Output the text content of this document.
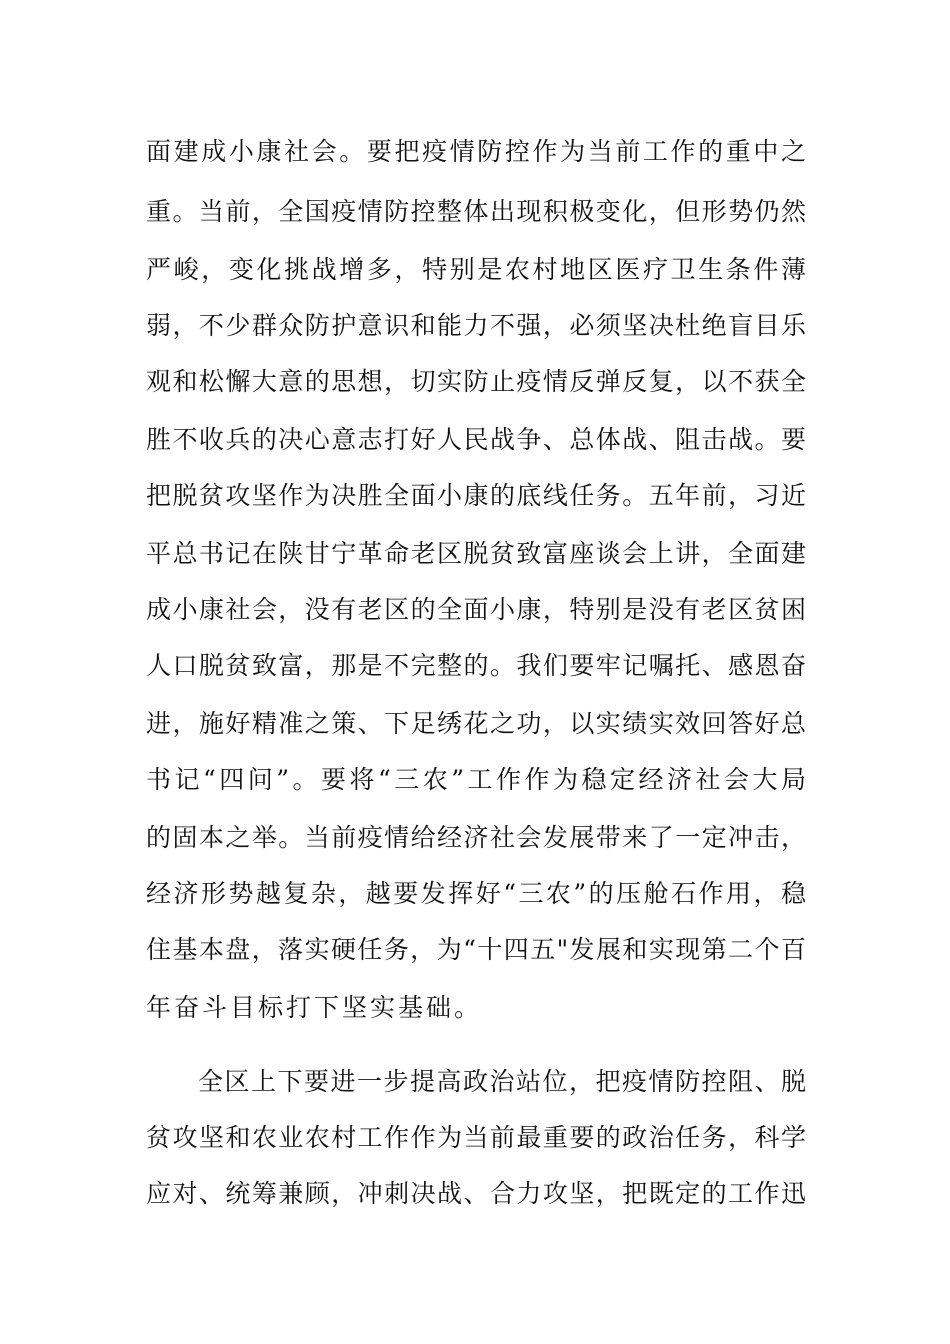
面建成小康社会。要把疫情防控作为当前工作的重中之
重。当前，全国疫情防控整体出现积极变化，但形势仍然
严峻，变化挑战增多，特别是农村地区医疗卫生条件薄
弱，不少群众防护意识和能力不强，必须坚决杜绝盲目乐
观和松懈大意的思想，切实防止疫情反弹反复，以不获全
胜不收兵的决心意志打好人民战争、总体战、阻击战。要
把脱贫攻坚作为决胜全面小康的底线任务。五年前，习近
平总书记在陕甘宁革命老区脱贫致富座谈会上讲，全面建
成小康社会，没有老区的全面小康，特别是没有老区贫困
人口脱贫致富，那是不完整的。我们要牢记嘱托、感恩奋
进，施好精准之策、下足绣花之功，以实绩实效回答好总
书记“四问”。要将“三农”工作作为稳定经济社会大局
的固本之举。当前疫情给经济社会发展带来了一定冲击，
经济形势越复杂，越要发挥好“三农”的压舱石作用，稳
住基本盘，落实硬任务，为“十四五"发展和实现第二个百
年奋斗目标打下坚实基础。
全区上下要进一步提高政治站位，把疫情防控阻、脱
贫攻坚和农业农村工作作为当前最重要的政治任务，科学
应对、统筹兼顾，冲刺决战、合力攻坚，把既定的工作迅
